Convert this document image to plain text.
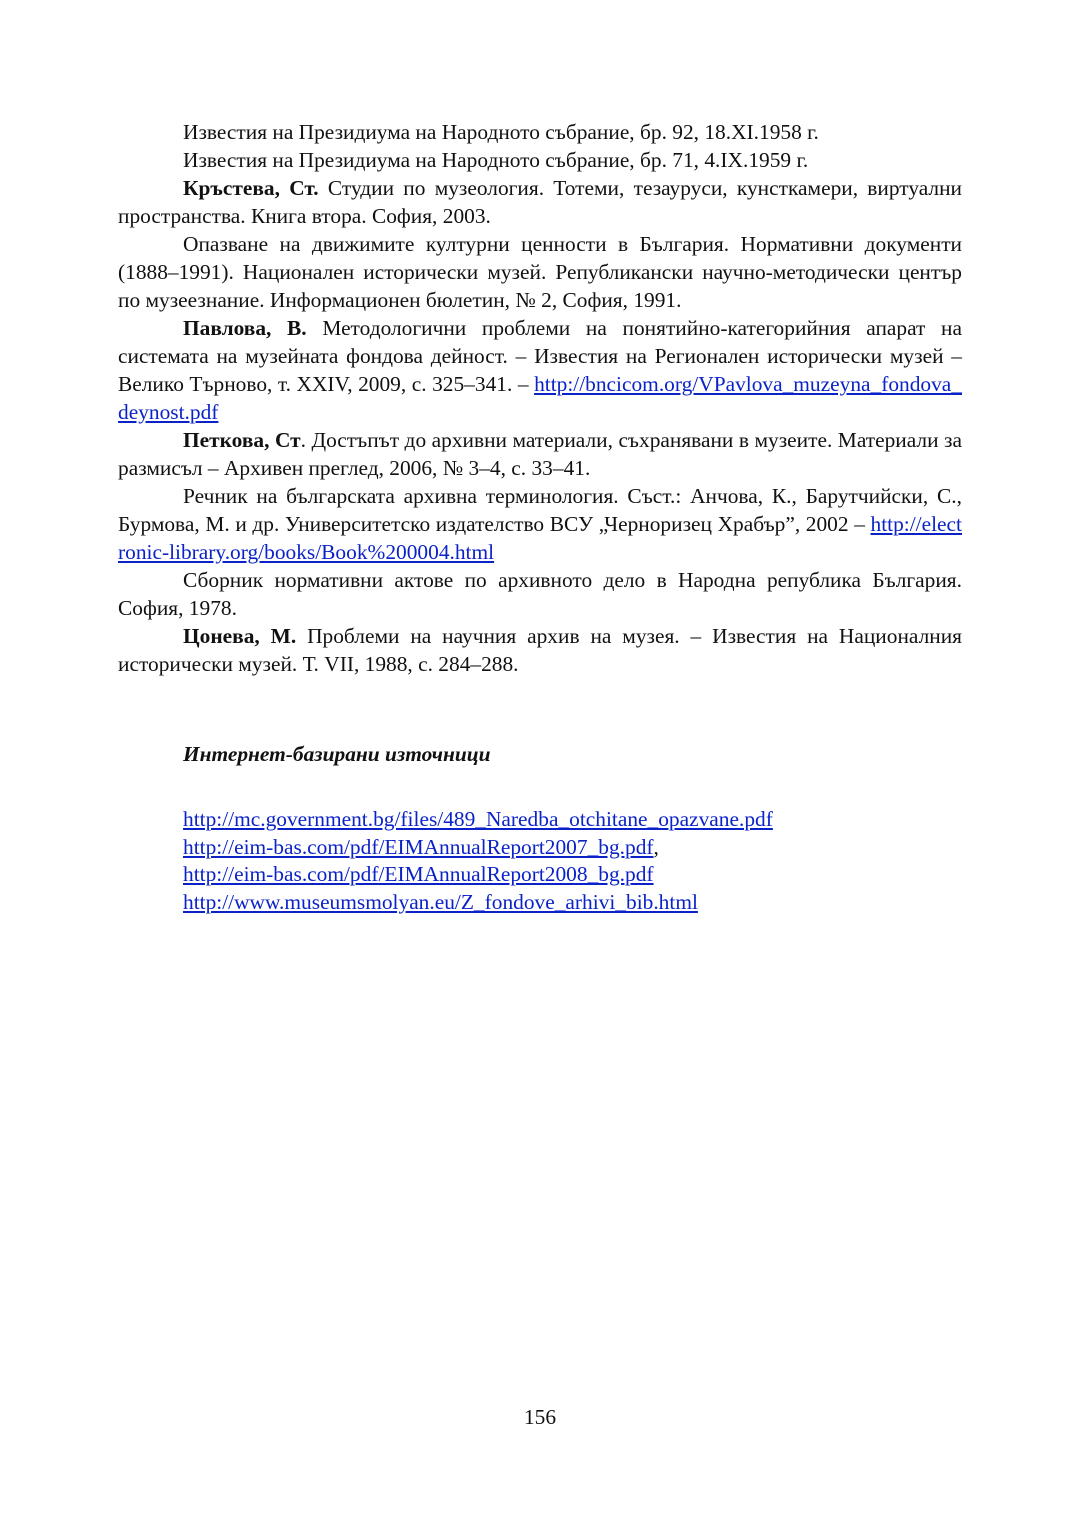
Известия на Президиума на Народното събрание, бр. 92, 18.XI.1958 г.

Известия на Президиума на Народното събрание, бр. 71, 4.IX.1959 г.

Кръстева, Ст. Студии по музеология. Тотеми, тезауруси, кунсткамери, виртуални пространства. Книга втора. София, 2003.

Опазване на движимите културни ценности в България. Нормативни документи (1888–1991). Национален исторически музей. Републикански научно-методически център по музеезнание. Информационен бюлетин, № 2, София, 1991.

Павлова, В. Методологични проблеми на понятийно-категорийния апарат на системата на музейната фондова дейност. – Известия на Регионален исторически музей – Велико Търново, т. XXIV, 2009, с. 325–341. – http://bncicom.org/VPavlova_muzeyna_fondova_deynost.pdf

Петкова, Ст. Достъпът до архивни материали, съхранявани в музеите. Материали за размисъл – Архивен преглед, 2006, № 3–4, с. 33–41.

Речник на българската архивна терминология. Съст.: Анчова, К., Барутчийски, С., Бурмова, М. и др. Университетско издателство ВСУ „Черноризец Храбър”, 2002 – http://electronic-library.org/books/Book%200004.html

Сборник нормативни актове по архивното дело в Народна република България. София, 1978.

Цонева, М. Проблеми на научния архив на музея. – Известия на Националния исторически музей. Т. VII, 1988, с. 284–288.

Интернет-базирани източници
http://mc.government.bg/files/489_Naredba_otchitane_opazvane.pdf
http://eim-bas.com/pdf/EIMAnnualReport2007_bg.pdf,
http://eim-bas.com/pdf/EIMAnnualReport2008_bg.pdf
http://www.museumsmolyan.eu/Z_fondove_arhivi_bib.html
156
